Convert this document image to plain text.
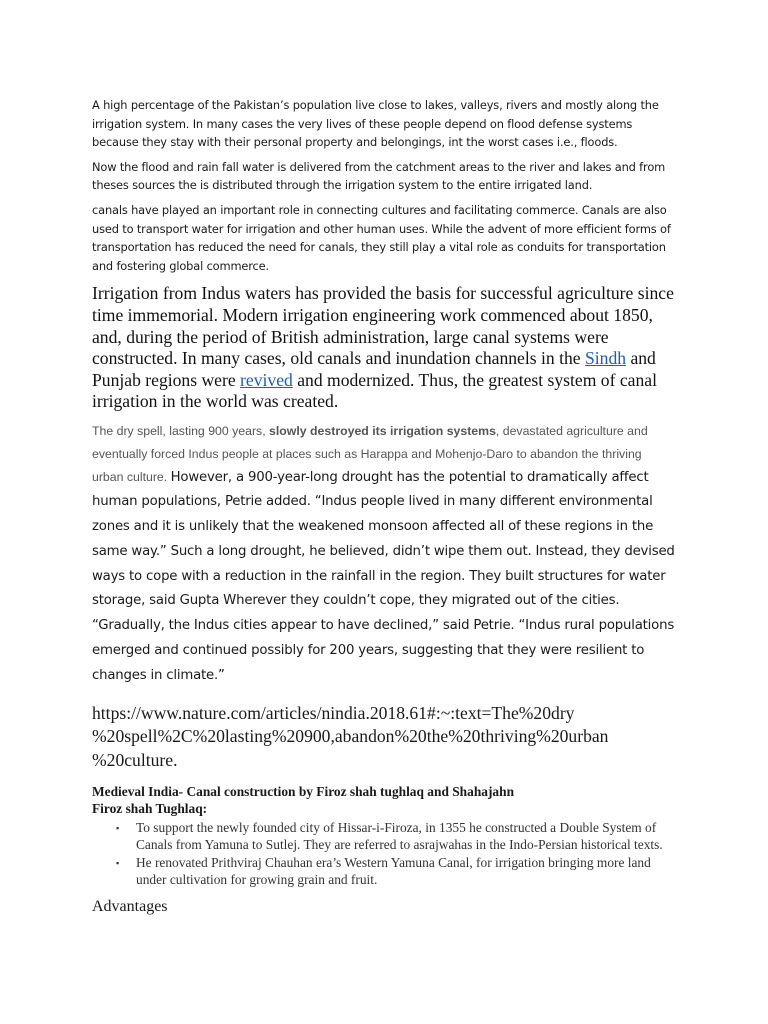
A high percentage of the Pakistan’s population live close to lakes, valleys, rivers and mostly along the irrigation system. In many cases the very lives of these people depend on flood defense systems because they stay with their personal property and belongings, int the worst cases i.e., floods.

Now the flood and rain fall water is delivered from the catchment areas to the river and lakes and from theses sources the is distributed through the irrigation system to the entire irrigated land.

canals have played an important role in connecting cultures and facilitating commerce. Canals are also used to transport water for irrigation and other human uses. While the advent of more efficient forms of transportation has reduced the need for canals, they still play a vital role as conduits for transportation and fostering global commerce.

Irrigation from Indus waters has provided the basis for successful agriculture since time immemorial. Modern irrigation engineering work commenced about 1850, and, during the period of British administration, large canal systems were constructed. In many cases, old canals and inundation channels in the Sindh and Punjab regions were revived and modernized. Thus, the greatest system of canal irrigation in the world was created.

The dry spell, lasting 900 years, slowly destroyed its irrigation systems, devastated agriculture and eventually forced Indus people at places such as Harappa and Mohenjo-Daro to abandon the thriving urban culture. However, a 900-year-long drought has the potential to dramatically affect human populations, Petrie added. “Indus people lived in many different environmental zones and it is unlikely that the weakened monsoon affected all of these regions in the same way.” Such a long drought, he believed, didn’t wipe them out. Instead, they devised ways to cope with a reduction in the rainfall in the region. They built structures for water storage, said Gupta Wherever they couldn’t cope, they migrated out of the cities. “Gradually, the Indus cities appear to have declined,” said Petrie. “Indus rural populations emerged and continued possibly for 200 years, suggesting that they were resilient to changes in climate.”

https://www.nature.com/articles/nindia.2018.61#:~:text=The%20dry
%20spell%2C%20lasting%20900,abandon%20the%20thriving%20urban
%20culture.

Medieval India- Canal construction by Firoz shah tughlaq and Shahajahn

Firoz shah Tughlaq:

▪ To support the newly founded city of Hissar-i-Firoza, in 1355 he constructed a Double System of Canals from Yamuna to Sutlej. They are referred to asrajwahas in the Indo-Persian historical texts.
▪ He renovated Prithviraj Chauhan era’s Western Yamuna Canal, for irrigation bringing more land under cultivation for growing grain and fruit.

Advantages
